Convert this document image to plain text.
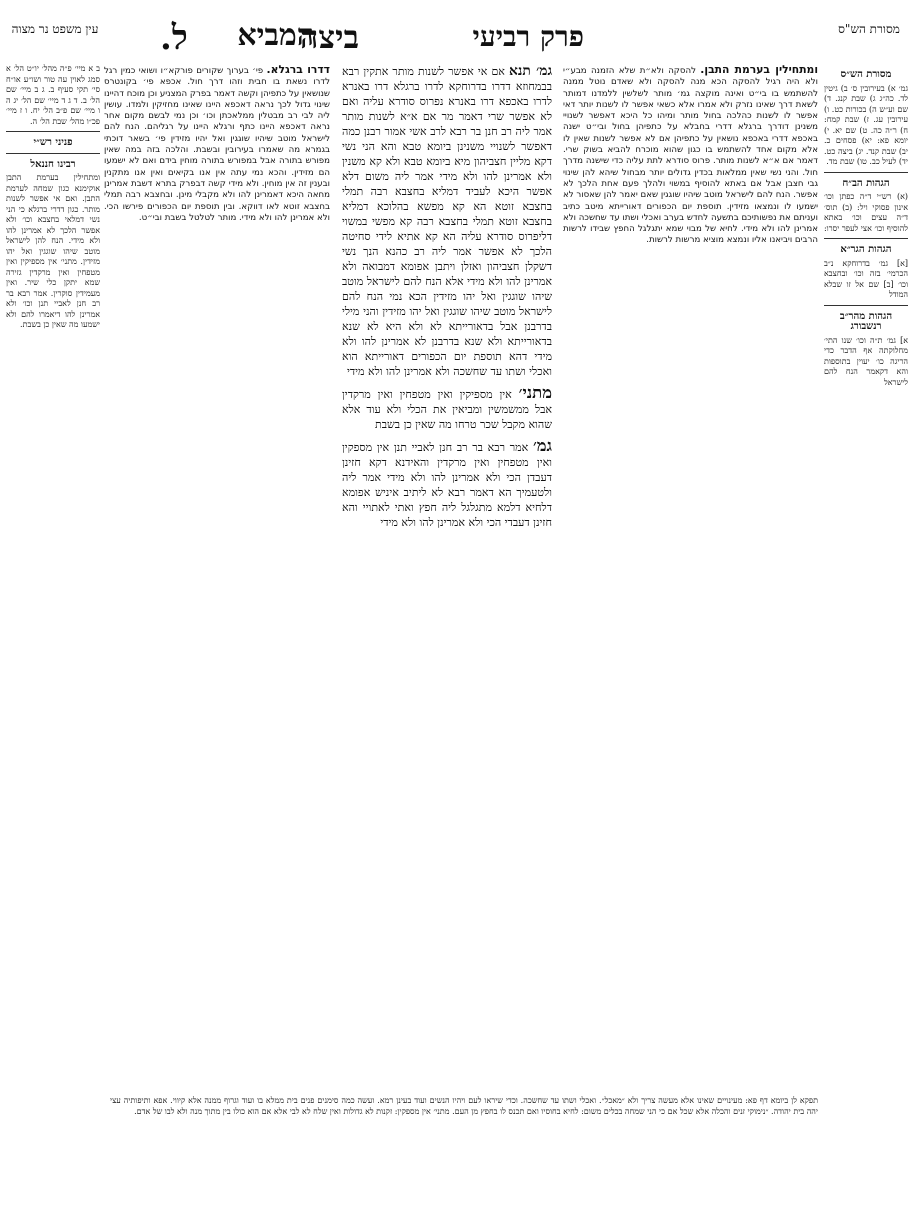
מסורת הש"ס
המביא	פרק רביעי
ביצה
ל.
עין משפט נר מצוה
מסורת הש״ס
גמ׳ א) בעירובין ס׳ ב) גיטין לד. כה״ג ג) שבת קנג. ד) שם וע״ש ה) בכורות כט. ו) עירובין עג. ז) שבת קמח: ח) ר״ה כה. ט) שם יא. י) יומא פא: יא) פסחים כ. יב) שבת קנד. יג) ביצה כט. יד) לעיל כב. טו) שבת מד.
הגהות הב״ח
(א) רש״י ד״ה כפתן וכו׳ אינון פסוקי ויל: (ב) תוס׳ ד״ה עצים וכו׳ באתא להוסיף וכו׳ אצי לעפר יסרו:
הגהות הגר״א
[א] גמ׳ בדרוחקא נ״ב הכרמי׳ בזה וכו׳ ובחצבא וכו׳ [ב] שם אל זו שבלא המודל
הגהות מהר״ב רנשבורג
א] גמ׳ ת״ה וכו׳ שנו התי׳ מחלוקתה אף הדבר כדי הריגה כו׳ יעוין בתוספות והא דקאמר הנח להם לישראל
ומתחילין בערמת התבן. להסקה ולא״ת שלא הזמנה מבע״י ולא היה רגיל להסקה הכא מנה להסקה ולא שאדם נוטל ממנה להשתמש בו בי״ט ואינה מוקצה גמ׳ מותר לשלשין ללמדנו דמותר לשאת דרך שאינו נזרק ולא אמרו אלא כשאי אפשר לו לשנות יותר דאי אפשר לו לשנות כהלכה בחול מותר ומיהו כל היכא דאפשר לשנויי משנינן דודרך ברגלא דדרי בחבלא על כתפיהן בחול ובי״ט ישנה באכפא דדרי באכפא נושאין על כתפיהן אם לא אפשר לשנות שאין לו אלא מקום אחד להשתמש בו כגון שהוא מוכרח להביא בשוק שרי. דאמר אם א״א לשנות מותר. פרוס סודרא לתת עליה כדי שישנה מדרך חול. והני נשי שאין ממלאות בכדין גדולים יותר מבחול שיהא להן שינוי גבי חצבן אבל אם באתא להוסיף במשוי ולהלך פעם אחת הלכך לא אפשר. הנח להם לישראל מוטב שיהיו שוגגין שאם יאמר להן שאסור לא ישמעו לו ונמצאו מזידין. תוספת יום הכפורים דאורייתא מיטב כתיב ועניתם את נפשותיכם בתשעה לחדש בערב ואכלי ושתו עד שחשכה ולא אמרינן להו ולא מידי. לחיא של מבוי שמא יתגלגל החפץ שבידו לרשות הרבים ויביאנו אליו ונמצא מוציא מרשות לרשות.
גמ׳ תנא אם אי אפשר לשנות מותר אתקין רבא בבמחוזא דדרו בדרוחקא לדרו ברגלא דרו באנרא לדרו באכפא דרו באנרא נפרוס סודרא עליה ואם לא אפשר שרי דאמר מר אם א״א לשנות מותר אמר ליה רב חנן בר רבא לרב אשי אמור רבנן כמה דאפשר לשנויי משנינן ביומא טבא והא הני נשי דקא מליין חצביהון מיא ביומא טבא ולא קא משנין ולא אמרינן להו ולא מידי אמר ליה משום דלא אפשר היכא לעביד דמליא בחצבא רבה תמלי בחצבא זוטא הא קא מפשא בהלוכא דמליא בחצבא זוטא תמלי בחצבא רבה קא מפשי במשוי דליפרוס סודרא עליה הא קא אתיא לידי סחיטה הלכך לא אפשר אמר ליה רב כהנא הנך נשי דשקלן חצביהון ואזלן ויתבן אפומא דמבואה ולא אמרינן להו ולא מידי אלא הנח להם לישראל מוטב שיהו שוגגין ואל יהו מזידין הכא נמי הנח להם לישראל מוטב שיהו שוגגין ואל יהו מזידין והני מילי בדרבנן אבל בדאורייתא לא ולא היא לא שנא בדאורייתא ולא שנא בדרבנן לא אמרינן להו ולא מידי דהא תוספת יום הכפורים דאורייתא הוא ואכלי ושתו עד שחשכה ולא אמרינן להו ולא מידי
מתני׳ אין מספיקין ואין מטפחין ואין מרקדין אבל ממשמשין ומביאין את הכלי ולא עוד אלא שהוא מקבל שכר טרחו מה שאין כן בשבת
גמ׳ אמר רבא בר רב חנן לאביי תנן אין מספקין ואין מטפחין ואין מרקדין והאידנא דקא חזינן דעבדן הכי ולא אמרינן להו ולא מידי אמר ליה ולטעמיך הא דאמר רבא לא ליתיב איניש אפומא דלחיא דלמא מתגלגל ליה חפץ ואתי לאתויי והא חזינן דעבדי הכי ולא אמרינן להו ולא מידי
דדרו ברגלא. פי׳ בערוך שקורים פורקא״ו ושואי כמין רגל לדרו נשאת בו חבית וזהו דרך חול. אכפא פי׳ בקונטרס שנושאין על כתפיהן וקשה דאמר בפרק המצניע וכן מוכח דהיינו שינוי גדול לכך נראה דאכפא היינו שאינו מחזיקין ולמדו. עושין ליה לבי רב מבטלין ממלאכתן וכו׳ וכן נמי לבשם מקום אחר נראה דאכפא היינו כתף ורגלא היינו על רגליהם. הנח להם לישראל מוטב שיהיו שוגגין ואל יהיו מזידין פי׳ בשאר דוכתי בגמרא מה שאמרו בעירובין ובשבת. והלכה בזה במה שאין מפורש בתורה אבל במפורש בתורה מוחין בידם ואם לא ישמעו הם מזידין. והכא נמי עתה אין אנו בקיאים ואין אנו מתקנין ובענין זה אין מוחין. ולא מידי קשה דבפרק בתרא דשבת אמרינן מחאה היכא דאמרינן להו ולא מקבלי מינן. ובחצבא רבה תמלי בחצבא זוטא לאו דווקא. ובין תוספת יום הכפורים פירשו הכי. ולא אמרינן להו ולא מידי. מותר לטלטל בשבת ובי״ט.
ב א מיי׳ פ״ה מהל׳ יו״ט הל׳ א סמג לאוין עה טור ושו״ע או״ח סי׳ תקי סעיף ב. ג ב מיי׳ שם הל׳ ב. ד ג ד מיי׳ שם הל׳ יג ה ו מיי׳ שם פ״ב הל׳ יח. ו ז מיי׳ פכ״ו מהל׳ שבת הל׳ ה.
פניני רש״י
רבינו חננאל
ומתחילין בערמת התבן אוקימנא כגון שמחה לערמת התבן. ואם אי אפשר לשנות מותר. כגון דדרי ברגלא כי הני נשי דמלאי בחצבא וכו׳ ולא אפשר הלכך לא אמרינן להו ולא מידי. הנח להן לישראל מוטב שיהו שוגגין ואל יהו מזידין. מתני׳ אין מספיקין ואין מטפחין ואין מרקדין גזירה שמא יתקן כלי שיר. ואין מעמידין סוקרין. אמר רבא בר רב חנן לאביי תנן וכו׳ ולא אמרינן להו דיאמרו להם ולא ישמעו מה שאין כן בשבת.
תפקא לן ביומא דף פא: מעינויים שאינו אלא מעשה צריך ולא ״מאכל״. ואכלי ושתו עד שחשכה. וכדי שיראו לעם ויהיו הנשים ועוד בעינן רמא. ועשה כמה סימנים פנים בית ממלא בו ועוד וגרוף ממנה אלא קיווי. אפא ותיפותיה עצי יהה בית יהודה. ״נימוקי זנים והכלה אלא שכל אם כי הני שמחה בכלים משום: לחיא בחוסיו ואם תכנס לו בחפץ מן העם. מתני׳ אין מספקין: זקנות לא גדולות ואין שלח לא לבי אלא אם הוא כולו בין מתוך מנה ולא לבו של אדם.
